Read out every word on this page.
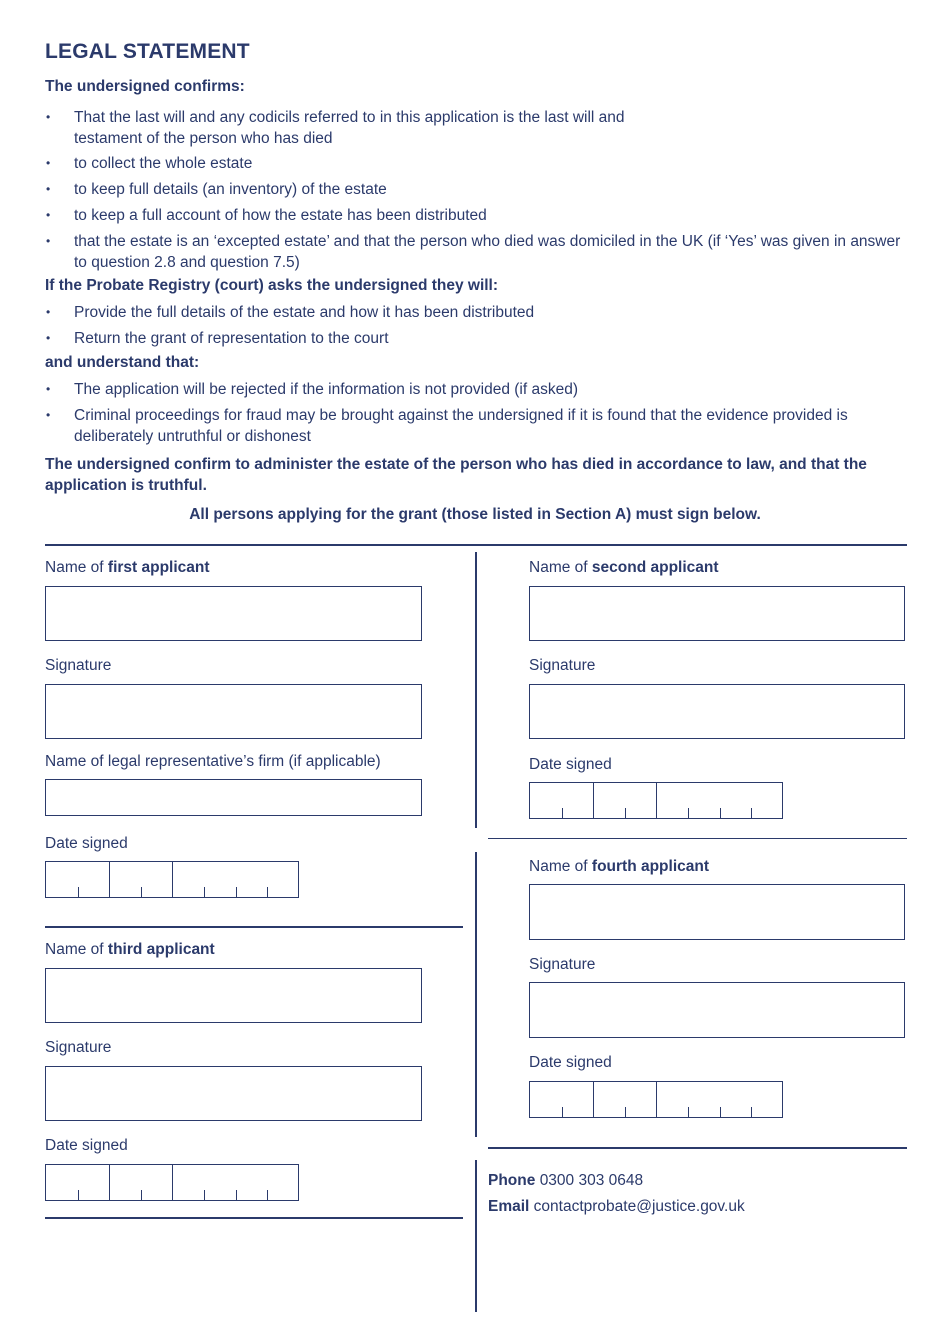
LEGAL STATEMENT

The undersigned confirms:

• That the last will and any codicils referred to in this application is the last will and testament of the person who has died
• to collect the whole estate
• to keep full details (an inventory) of the estate
• to keep a full account of how the estate has been distributed
• that the estate is an ‘excepted estate’ and that the person who died was domiciled in the UK (if ‘Yes’ was given in answer to question 2.8 and question 7.5)

If the Probate Registry (court) asks the undersigned they will:

• Provide the full details of the estate and how it has been distributed
• Return the grant of representation to the court

and understand that:

• The application will be rejected if the information is not provided (if asked)
• Criminal proceedings for fraud may be brought against the undersigned if it is found that the evidence provided is deliberately untruthful or dishonest

The undersigned confirm to administer the estate of the person who has died in accordance to law, and that the application is truthful.

All persons applying for the grant (those listed in Section A) must sign below.

Name of first applicant

Signature

Name of legal representative’s firm (if applicable)

Date signed

Name of second applicant

Signature

Date signed

Name of third applicant

Signature

Date signed

Name of fourth applicant

Signature

Date signed

Phone 0300 303 0648

Email contactprobate@justice.gov.uk
